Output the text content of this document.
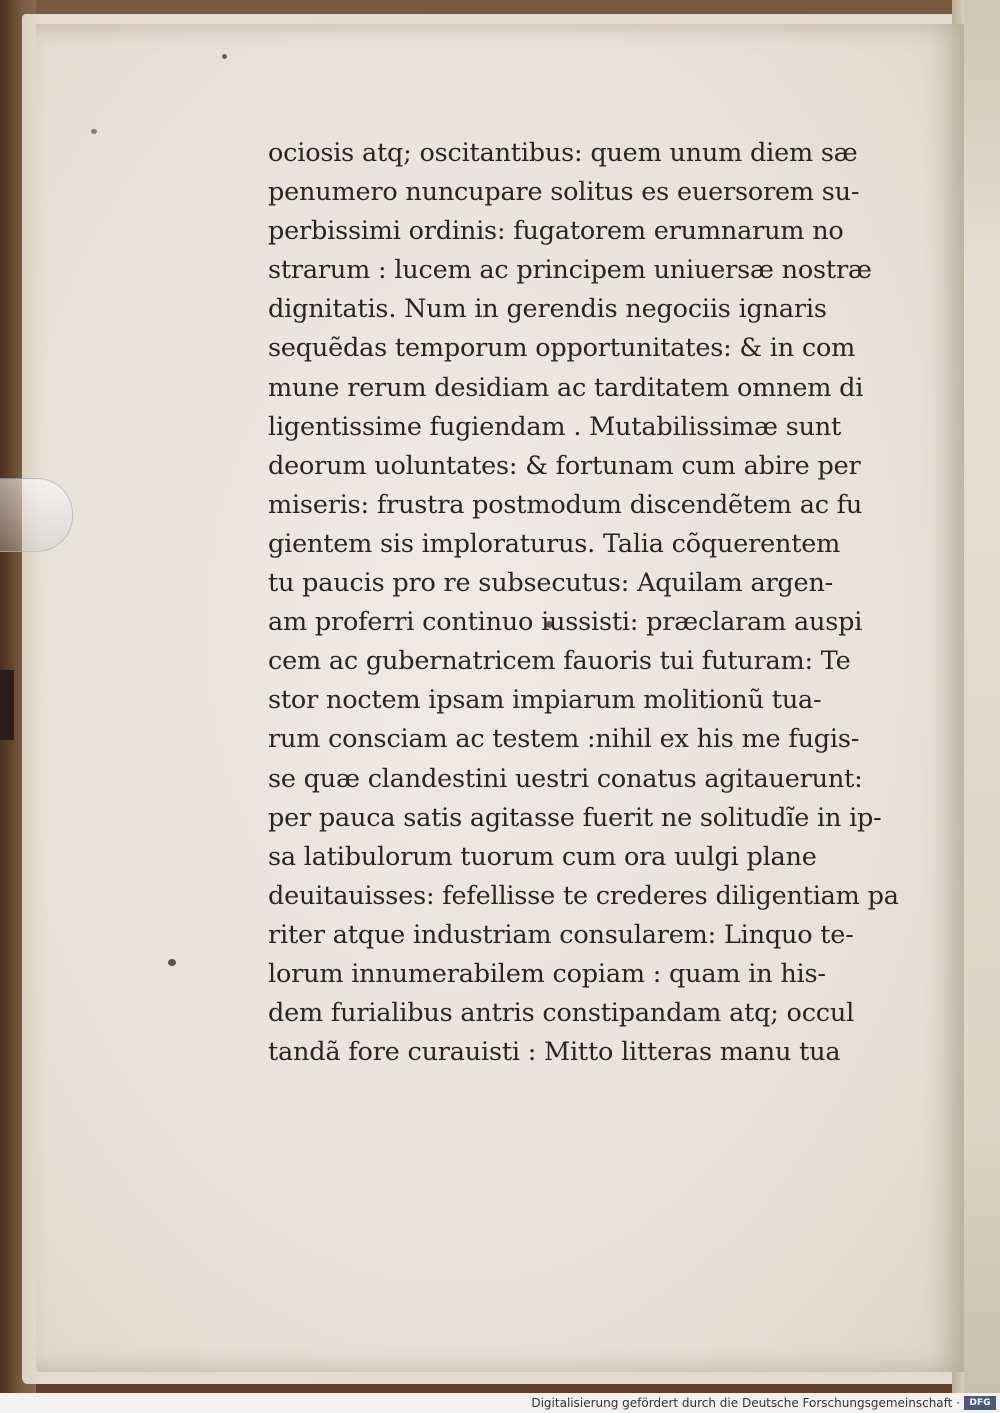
ociosis atq; oscitantibus: quem unum diem sæ
penumero nuncupare solitus es euersorem su-
perbissimi ordinis: fugatorem erumnarum no
strarum : lucem ac principem uniuersæ nostræ
dignitatis. Num in gerendis negociis ignaris
sequẽdas temporum opportunitates: & in com
mune rerum desidiam ac tarditatem omnem di
ligentissime fugiendam . Mutabilissimæ sunt
deorum uoluntates: & fortunam cum abire per
miseris: frustra postmodum discendẽtem ac fu
gientem sis imploraturus. Talia cõquerentem
tu paucis pro re subsecutus: Aquilam argen-
am proferri continuo iussisti: præclaram auspi
cem ac gubernatricem fauoris tui futuram: Te
stor noctem ipsam impiarum molitionũ tua-
rum consciam ac testem :nihil ex his me fugis-
se quæ clandestini uestri conatus agitauerunt:
per pauca satis agitasse fuerit ne solitudĩe in ip-
sa latibulorum tuorum cum ora uulgi plane
deuitauisses: fefellisse te crederes diligentiam pa
riter atque industriam consularem: Linquo te-
lorum innumerabilem copiam : quam in his-
dem furialibus antris constipandam atq; occul
tandã fore curauisti : Mitto litteras manu tua
Digitalisierung gefördert durch die Deutsche Forschungsgemeinschaft ·	DFG
